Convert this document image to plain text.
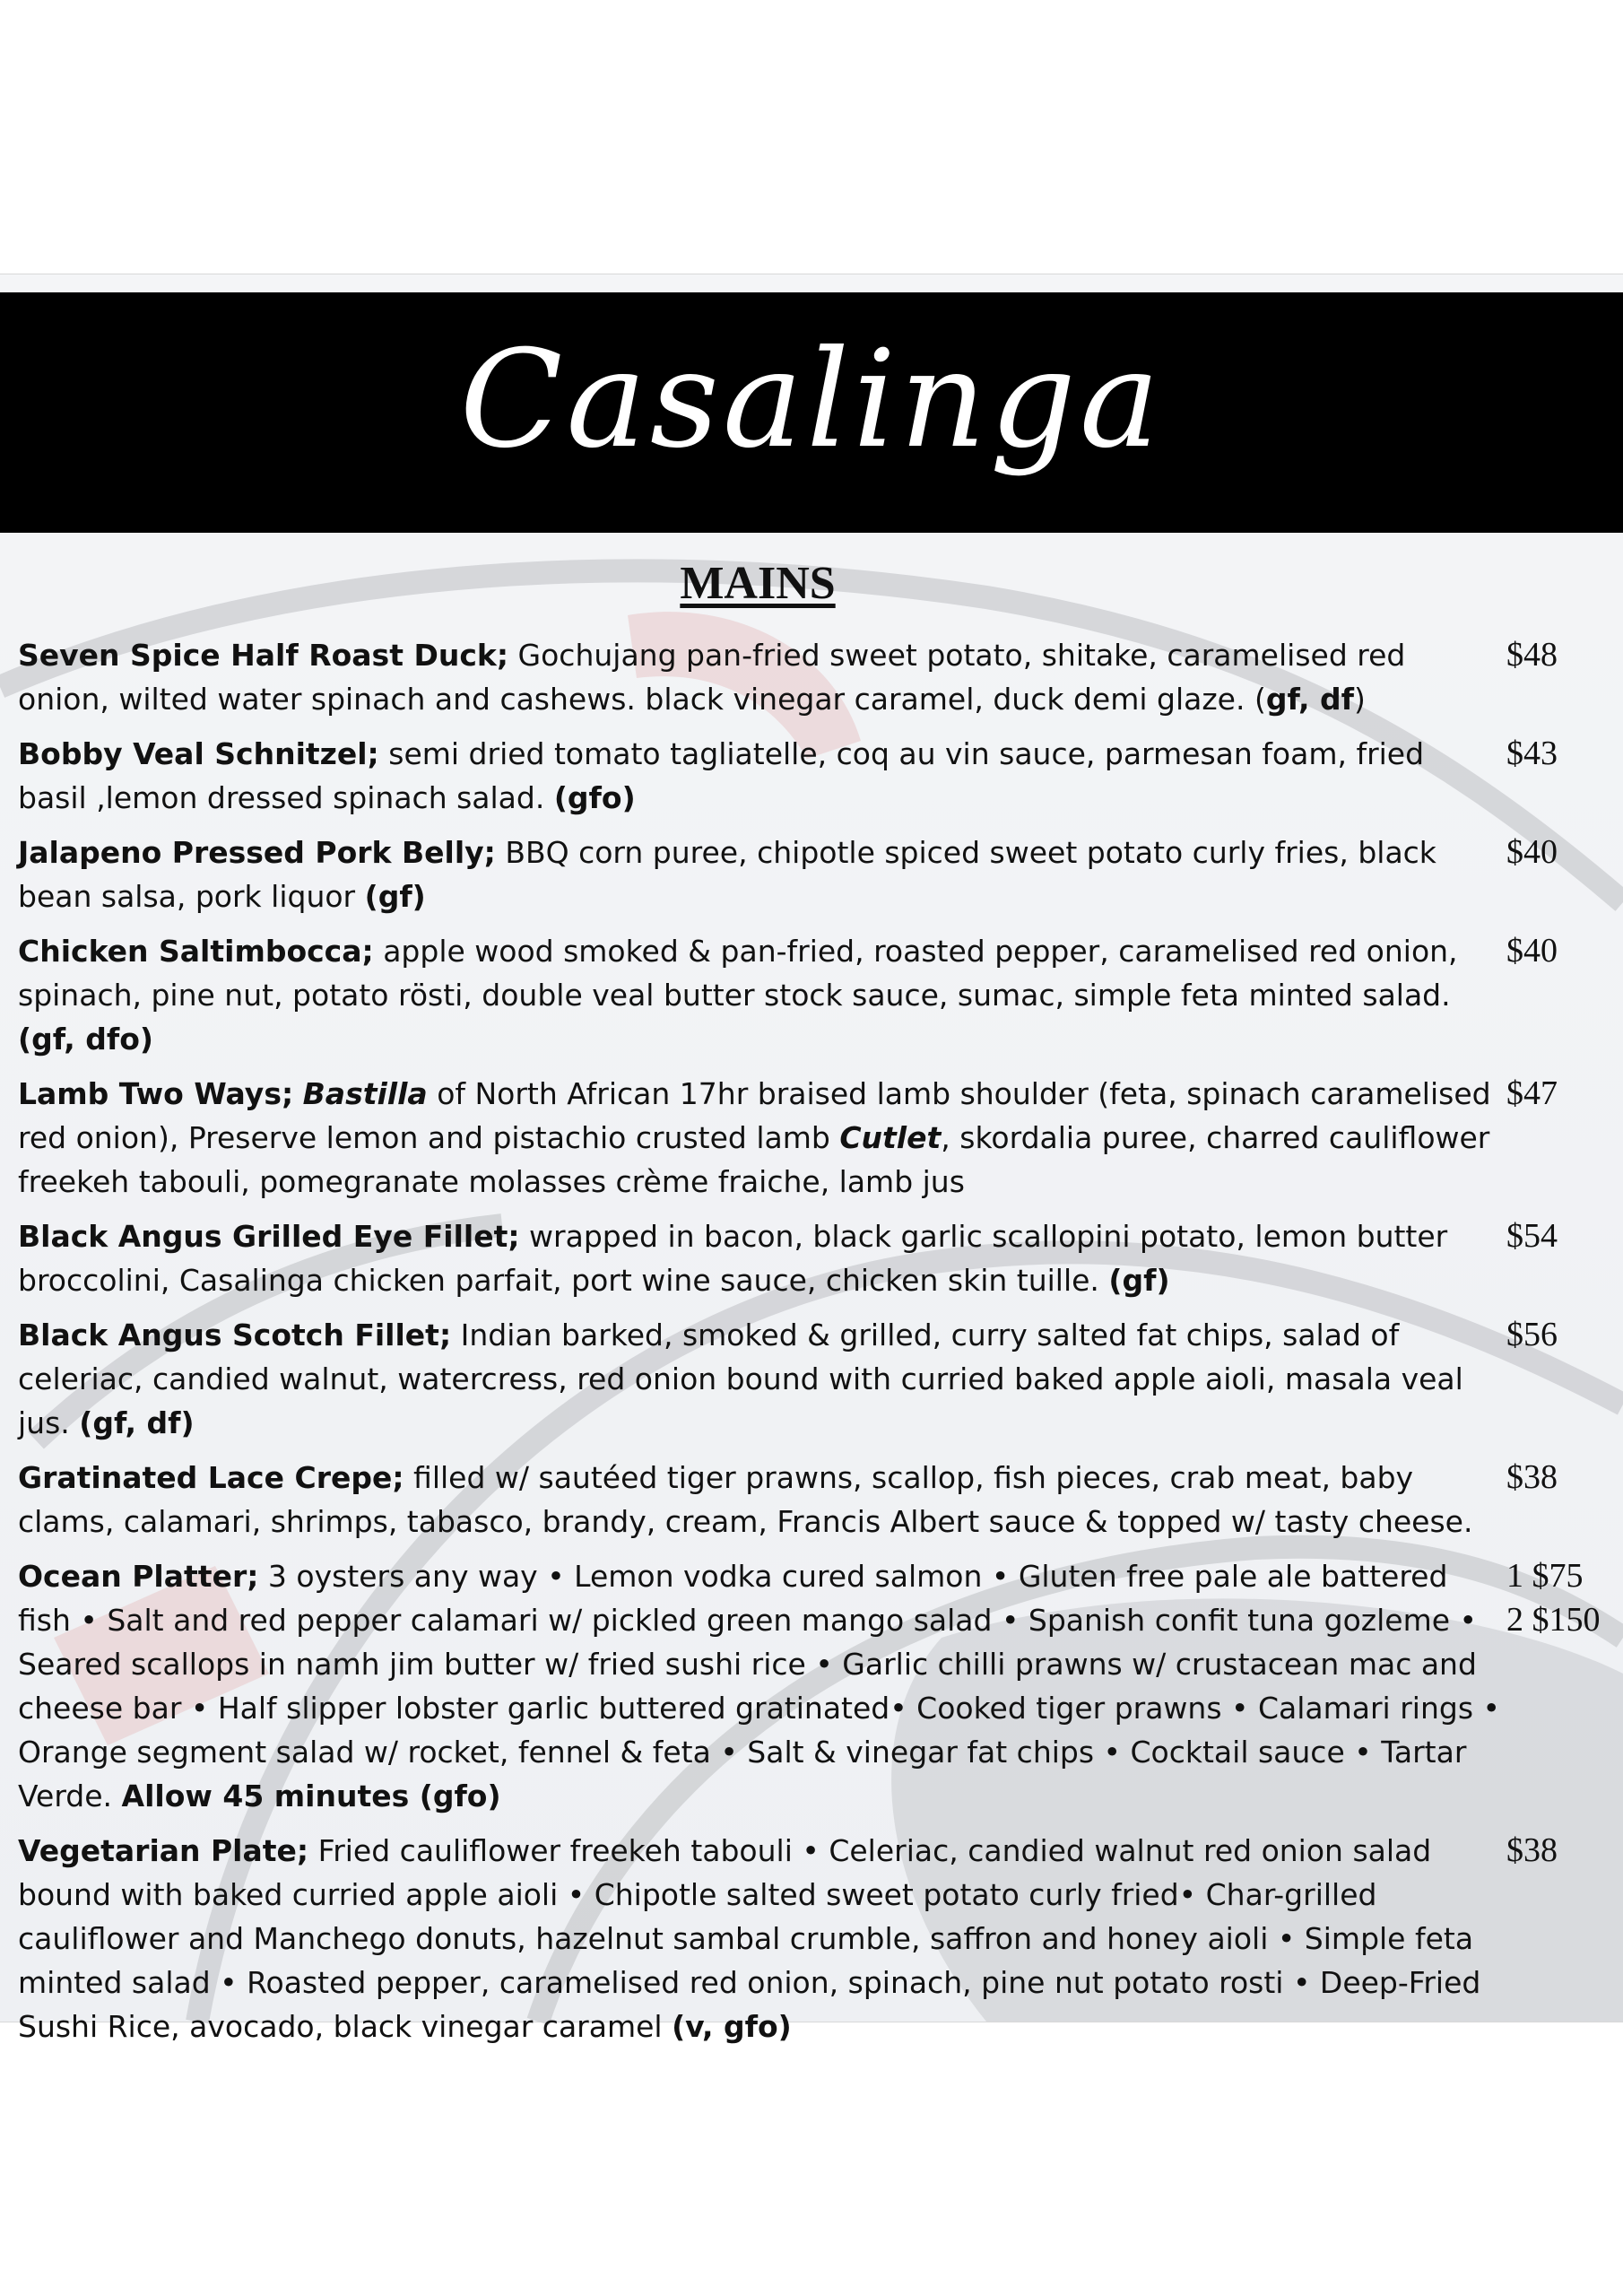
Casalinga
MAINS
Seven Spice Half Roast Duck; Gochujang pan-fried sweet potato, shitake, caramelised red onion, wilted water spinach and cashews. black vinegar caramel, duck demi glaze. (gf, df)
$48
Bobby Veal Schnitzel; semi dried tomato tagliatelle, coq au vin sauce, parmesan foam, fried basil ,lemon dressed spinach salad. (gfo)
$43
Jalapeno Pressed Pork Belly; BBQ corn puree, chipotle spiced sweet potato curly fries, black bean salsa, pork liquor (gf)
$40
Chicken Saltimbocca; apple wood smoked & pan-fried, roasted pepper, caramelised red onion, spinach, pine nut, potato rösti, double veal butter stock sauce, sumac, simple feta minted salad. (gf, dfo)
$40
Lamb Two Ways; Bastilla of North African 17hr braised lamb shoulder (feta, spinach caramelised red onion), Preserve lemon and pistachio crusted lamb Cutlet, skordalia puree, charred cauliflower freekeh tabouli, pomegranate molasses crème fraiche, lamb jus
$47
Black Angus Grilled Eye Fillet; wrapped in bacon, black garlic scallopini potato, lemon butter broccolini, Casalinga chicken parfait, port wine sauce, chicken skin tuille. (gf)
$54
Black Angus Scotch Fillet; Indian barked, smoked & grilled, curry salted fat chips, salad of celeriac, candied walnut, watercress, red onion bound with curried baked apple aioli, masala veal jus. (gf, df)
$56
Gratinated Lace Crepe; filled w/ sautéed tiger prawns, scallop, fish pieces, crab meat, baby clams, calamari, shrimps, tabasco, brandy, cream, Francis Albert sauce & topped w/ tasty cheese.
$38
Ocean Platter; 3 oysters any way • Lemon vodka cured salmon • Gluten free pale ale battered fish • Salt and red pepper calamari w/ pickled green mango salad • Spanish confit tuna gozleme • Seared scallops in namh jim butter w/ fried sushi rice • Garlic chilli prawns w/ crustacean mac and cheese bar • Half slipper lobster garlic buttered gratinated• Cooked tiger prawns • Calamari rings • Orange segment salad w/ rocket, fennel & feta • Salt & vinegar fat chips • Cocktail sauce • Tartar Verde. Allow 45 minutes (gfo)
1 $75
2 $150
Vegetarian Plate; Fried cauliflower freekeh tabouli • Celeriac, candied walnut red onion salad bound with baked curried apple aioli • Chipotle salted sweet potato curly fried• Char-grilled cauliflower and Manchego donuts, hazelnut sambal crumble, saffron and honey aioli • Simple feta minted salad • Roasted pepper, caramelised red onion, spinach, pine nut potato rosti • Deep-Fried Sushi Rice, avocado, black vinegar caramel (v, gfo)
$38
